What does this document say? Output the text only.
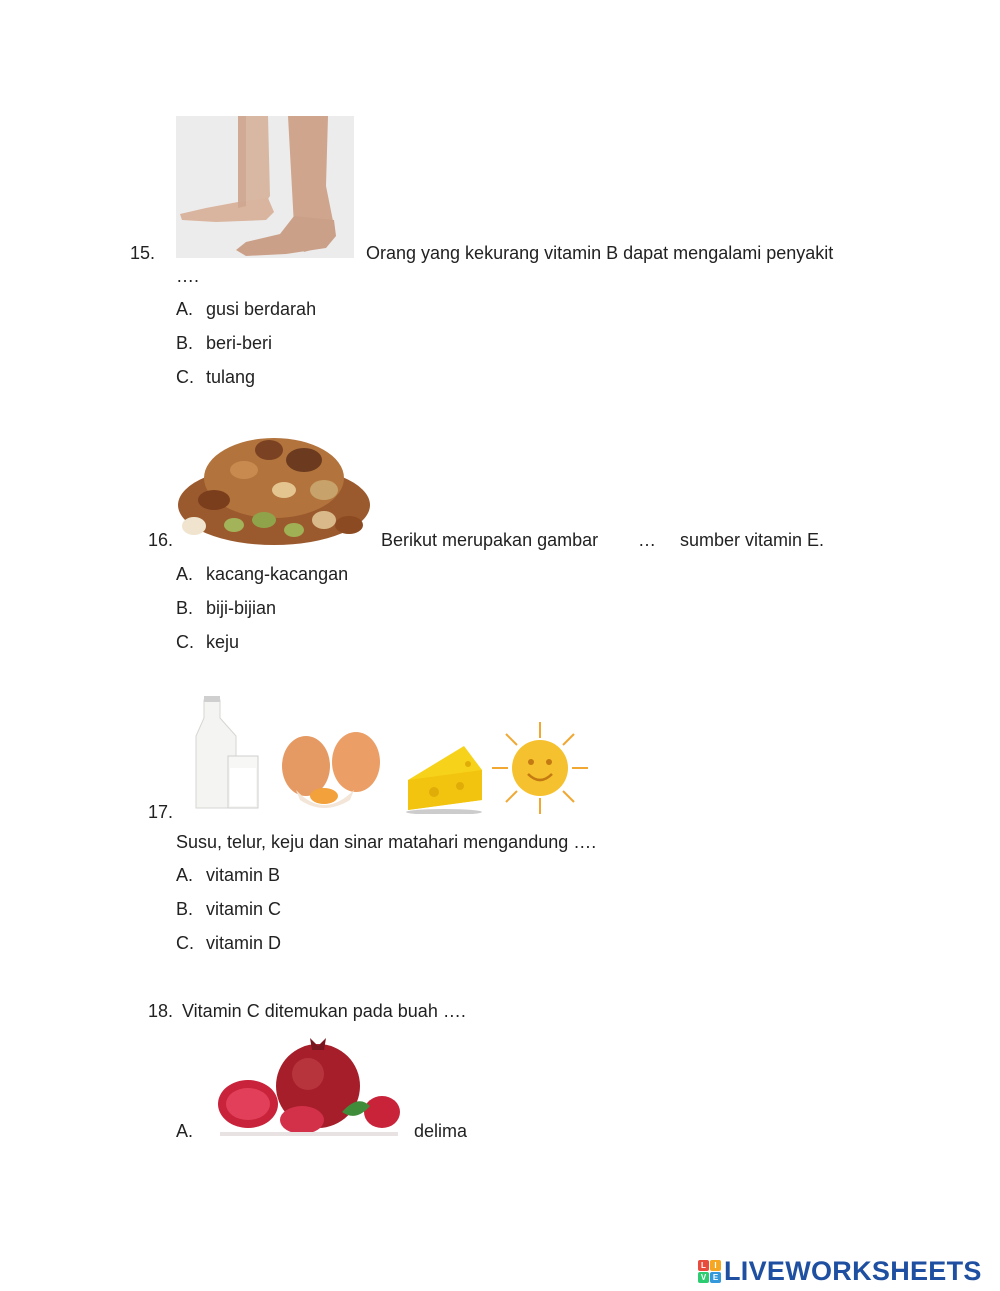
15.	Orang yang kekurang vitamin B dapat mengalami penyakit
….
A. gusi berdarah
B. beri-beri
C. tulang
16.	Berikut merupakan gambar … sumber vitamin E.
A. kacang-kacangan
B. biji-bijian
C. keju
17.
Susu, telur, keju dan sinar matahari mengandung ….
A. vitamin B
B. vitamin C
C. vitamin D
18. Vitamin C ditemukan pada buah ….
A.	delima
L	I
V E LIVEWORKSHEETS
